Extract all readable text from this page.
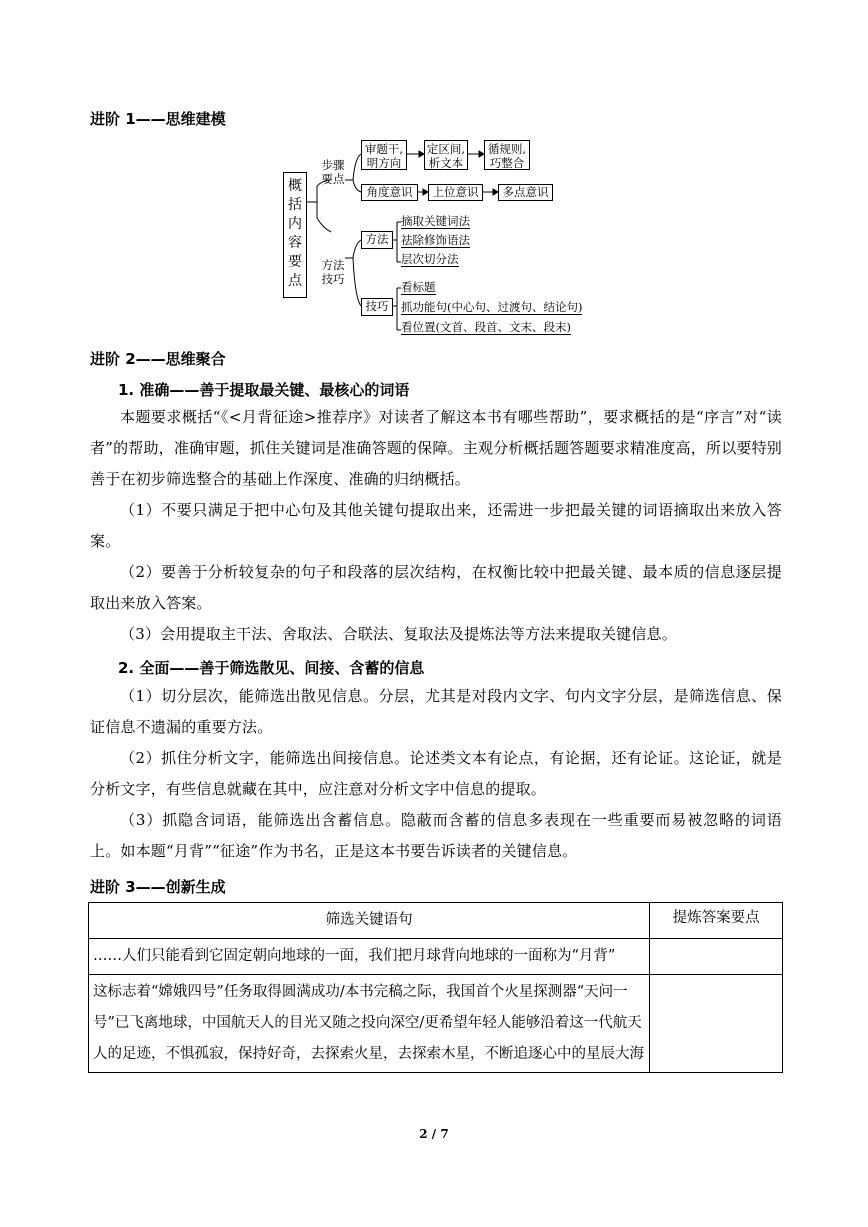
进阶 1——思维建模
概
括
内
容
要
点
步骤
要点
方法
技巧
审题干,
明方向
定区间,
析文本
循规则,
巧整合
角度意识	上位意识	多点意识
方法
摘取关键词法
祛除修饰语法
层次切分法
技巧
看标题
抓功能句(中心句、过渡句、结论句)
看位置(文首、段首、文末、段末)
进阶 2——思维聚合
1. 准确——善于提取最关键、最核心的词语
本题要求概括“《<月背征途>推荐序》对读者了解这本书有哪些帮助”，要求概括的是“序言”对“读者”的帮助，准确审题，抓住关键词是准确答题的保障。主观分析概括题答题要求精准度高，所以要特别善于在初步筛选整合的基础上作深度、准确的归纳概括。
（1）不要只满足于把中心句及其他关键句提取出来，还需进一步把最关键的词语摘取出来放入答案。
（2）要善于分析较复杂的句子和段落的层次结构，在权衡比较中把最关键、最本质的信息逐层提取出来放入答案。
（3）会用提取主干法、舍取法、合联法、复取法及提炼法等方法来提取关键信息。
2. 全面——善于筛选散见、间接、含蓄的信息
（1）切分层次，能筛选出散见信息。分层，尤其是对段内文字、句内文字分层，是筛选信息、保证信息不遗漏的重要方法。
（2）抓住分析文字，能筛选出间接信息。论述类文本有论点，有论据，还有论证。这论证，就是分析文字，有些信息就藏在其中，应注意对分析文字中信息的提取。
（3）抓隐含词语，能筛选出含蓄信息。隐蔽而含蓄的信息多表现在一些重要而易被忽略的词语上。如本题“月背”“征途”作为书名，正是这本书要告诉读者的关键信息。
进阶 3——创新生成
筛选关键语句	提炼答案要点
……人们只能看到它固定朝向地球的一面，我们把月球背向地球的一面称为“月背”	
这标志着“嫦娥四号”任务取得圆满成功/本书完稿之际，我国首个火星探测器“天问一号”已飞离地球，中国航天人的目光又随之投向深空/更希望年轻人能够沿着这一代航天人的足迹，不惧孤寂，保持好奇，去探索火星，去探索木星，不断追逐心中的星辰大海	
2 / 7
